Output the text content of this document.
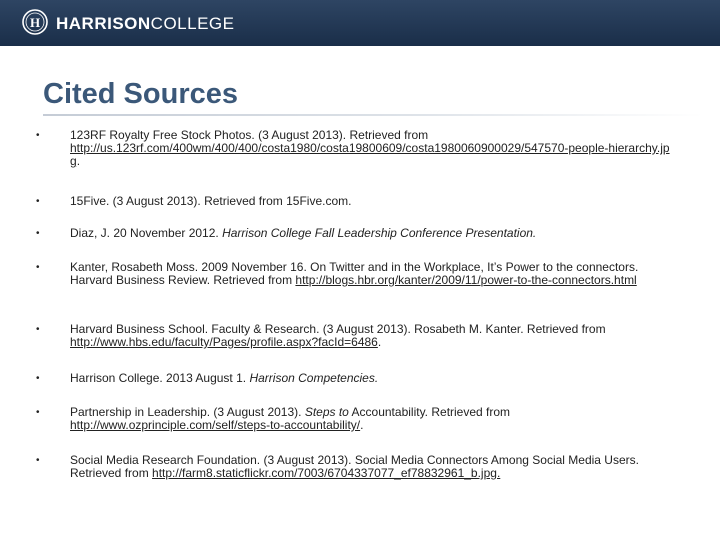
H HARRISONCOLLEGE
Cited Sources
•	123RF Royalty Free Stock Photos. (3 August 2013). Retrieved from
http://us.123rf.com/400wm/400/400/costa1980/costa19800609/costa1980060900029/547570-people-hierarchy.jpg.
•	15Five. (3 August 2013). Retrieved from 15Five.com.
•	Diaz, J. 20 November 2012. Harrison College Fall Leadership Conference Presentation.
•	Kanter, Rosabeth Moss. 2009 November 16. On Twitter and in the Workplace, It’s Power to the connectors. Harvard Business Review. Retrieved from http://blogs.hbr.org/kanter/2009/11/power-to-the-connectors.html
•	Harvard Business School. Faculty & Research. (3 August 2013). Rosabeth M. Kanter. Retrieved from
http://www.hbs.edu/faculty/Pages/profile.aspx?facId=6486.
•	Harrison College. 2013 August 1. Harrison Competencies.
•	Partnership in Leadership. (3 August 2013). Steps to Accountability. Retrieved from
http://www.ozprinciple.com/self/steps-to-accountability/.
•	Social Media Research Foundation. (3 August 2013). Social Media Connectors Among Social Media Users. Retrieved from http://farm8.staticflickr.com/7003/6704337077_ef78832961_b.jpg.
